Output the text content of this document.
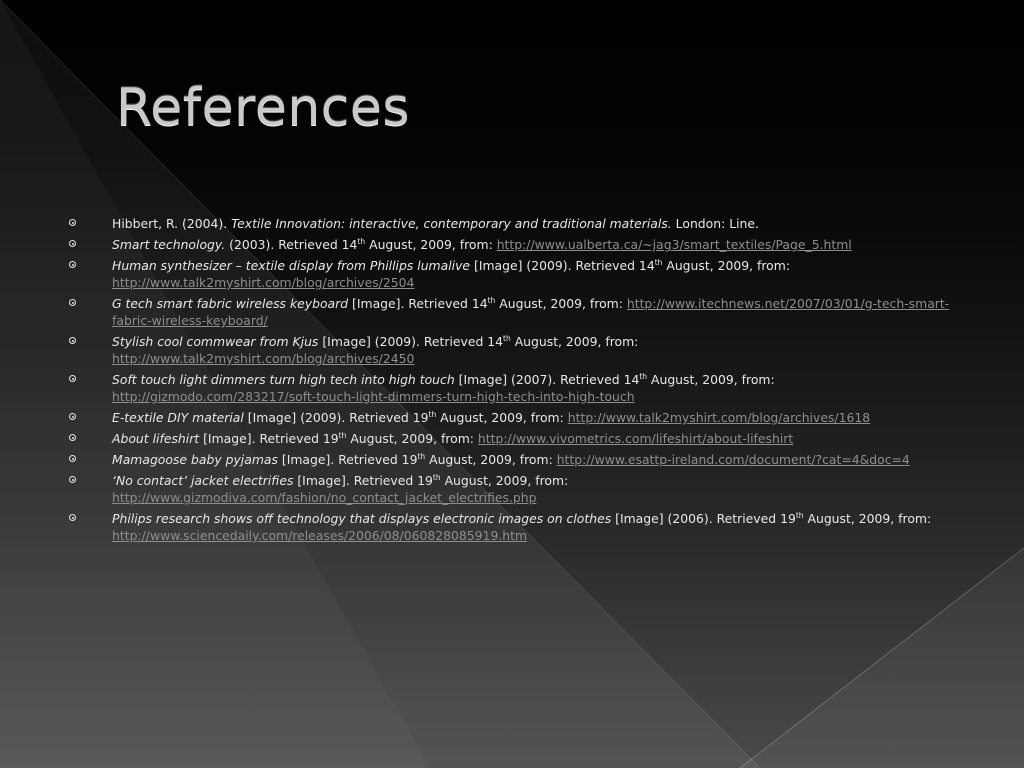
References
Hibbert, R. (2004). Textile Innovation: interactive, contemporary and traditional materials. London: Line.
Smart technology. (2003). Retrieved 14th August, 2009, from: http://www.ualberta.ca/~jag3/smart_textiles/Page_5.html
Human synthesizer – textile display from Phillips lumalive [Image] (2009). Retrieved 14th August, 2009, from:
http://www.talk2myshirt.com/blog/archives/2504
G tech smart fabric wireless keyboard [Image]. Retrieved 14th August, 2009, from: http://www.itechnews.net/2007/03/01/g-tech-smart-fabric-wireless-keyboard/
Stylish cool commwear from Kjus [Image] (2009). Retrieved 14th August, 2009, from:
http://www.talk2myshirt.com/blog/archives/2450
Soft touch light dimmers turn high tech into high touch [Image] (2007). Retrieved 14th August, 2009, from:
http://gizmodo.com/283217/soft-touch-light-dimmers-turn-high-tech-into-high-touch
E-textile DIY material [Image] (2009). Retrieved 19th August, 2009, from: http://www.talk2myshirt.com/blog/archives/1618
About lifeshirt [Image]. Retrieved 19th August, 2009, from: http://www.vivometrics.com/lifeshirt/about-lifeshirt
Mamagoose baby pyjamas [Image]. Retrieved 19th August, 2009, from: http://www.esattp-ireland.com/document/?cat=4&doc=4
‘No contact’ jacket electrifies [Image]. Retrieved 19th August, 2009, from:
http://www.gizmodiva.com/fashion/no_contact_jacket_electrifies.php
Philips research shows off technology that displays electronic images on clothes [Image] (2006). Retrieved 19th August, 2009, from: http://www.sciencedaily.com/releases/2006/08/060828085919.htm
